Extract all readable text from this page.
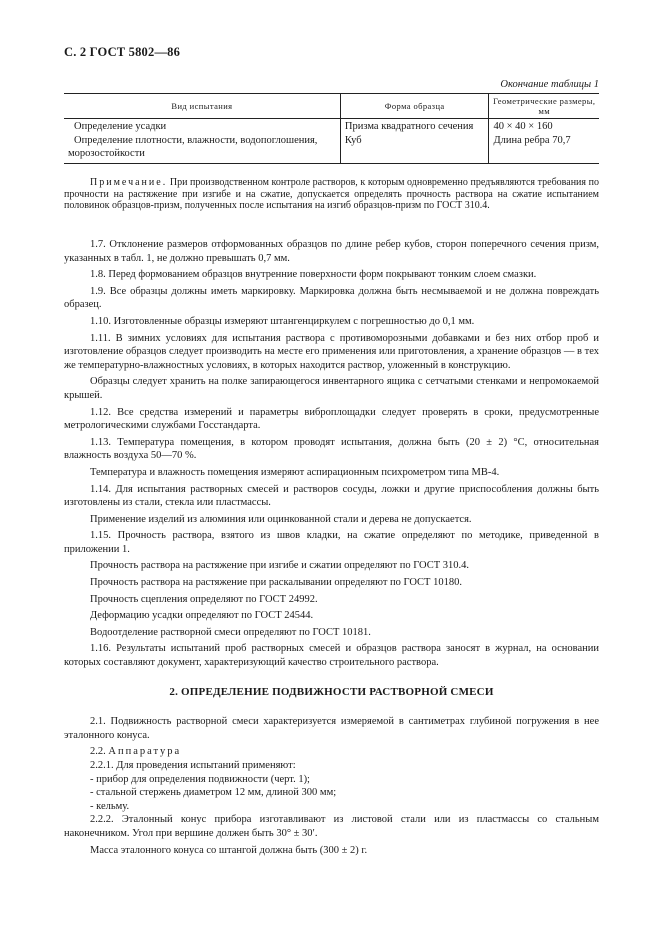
С. 2 ГОСТ 5802—86
Окончание таблицы 1
Вид испытания	Форма образца	Геометрические размеры, мм
Определение усадки	Призма квадратного сечения	40 × 40 × 160

Определение плотности, влажности, водопоглошения, морозостойкости	Куб	Длина ребра 70,7
Примечание. При производственном контроле растворов, к которым одновременно предъявляются требования по прочности на растяжение при изгибе и на сжатие, допускается определять прочность раствора на сжатие испытанием половинок образцов-призм, полученных после испытания на изгиб образцов-призм по ГОСТ 310.4.

1.7. Отклонение размеров отформованных образцов по длине ребер кубов, сторон поперечного сечения призм, указанных в табл. 1, не должно превышать 0,7 мм.

1.8. Перед формованием образцов внутренние поверхности форм покрывают тонким слоем смазки.

1.9. Все образцы должны иметь маркировку. Маркировка должна быть несмываемой и не должна повреждать образец.

1.10. Изготовленные образцы измеряют штангенциркулем с погрешностью до 0,1 мм.

1.11. В зимних условиях для испытания раствора с противоморозными добавками и без них отбор проб и изготовление образцов следует производить на месте его применения или приготовления, а хранение образцов — в тех же температурно-влажностных условиях, в которых находится раствор, уложенный в конструкцию.

Образцы следует хранить на полке запирающегося инвентарного ящика с сетчатыми стенками и непромокаемой крышей.

1.12. Все средства измерений и параметры виброплощадки следует проверять в сроки, предусмотренные метрологическими службами Госстандарта.

1.13. Температура помещения, в котором проводят испытания, должна быть (20 ± 2) °С, относительная влажность воздуха 50—70 %.

Температура и влажность помещения измеряют аспирационным психрометром типа МВ-4.

1.14. Для испытания растворных смесей и растворов сосуды, ложки и другие приспособления должны быть изготовлены из стали, стекла или пластмассы.

Применение изделий из алюминия или оцинкованной стали и дерева не допускается.

1.15. Прочность раствора, взятого из швов кладки, на сжатие определяют по методике, приведенной в приложении 1.

Прочность раствора на растяжение при изгибе и сжатии определяют по ГОСТ 310.4.

Прочность раствора на растяжение при раскалывании определяют по ГОСТ 10180.

Прочность сцепления определяют по ГОСТ 24992.

Деформацию усадки определяют по ГОСТ 24544.

Водоотделение растворной смеси определяют по ГОСТ 10181.

1.16. Результаты испытаний проб растворных смесей и образцов раствора заносят в журнал, на основании которых составляют документ, характеризующий качество строительного раствора.

2. ОПРЕДЕЛЕНИЕ ПОДВИЖНОСТИ РАСТВОРНОЙ СМЕСИ

2.1. Подвижность растворной смеси характеризуется измеряемой в сантиметрах глубиной погружения в нее эталонного конуса.

2.2. Аппаратура

2.2.1. Для проведения испытаний применяют:

- прибор для определения подвижности (черт. 1);

- стальной стержень диаметром 12 мм, длиной 300 мм;

- кельму.

2.2.2. Эталонный конус прибора изготавливают из листовой стали или из пластмассы со стальным наконечником. Угол при вершине должен быть 30° ± 30′.

Масса эталонного конуса со штангой должна быть (300 ± 2) г.
